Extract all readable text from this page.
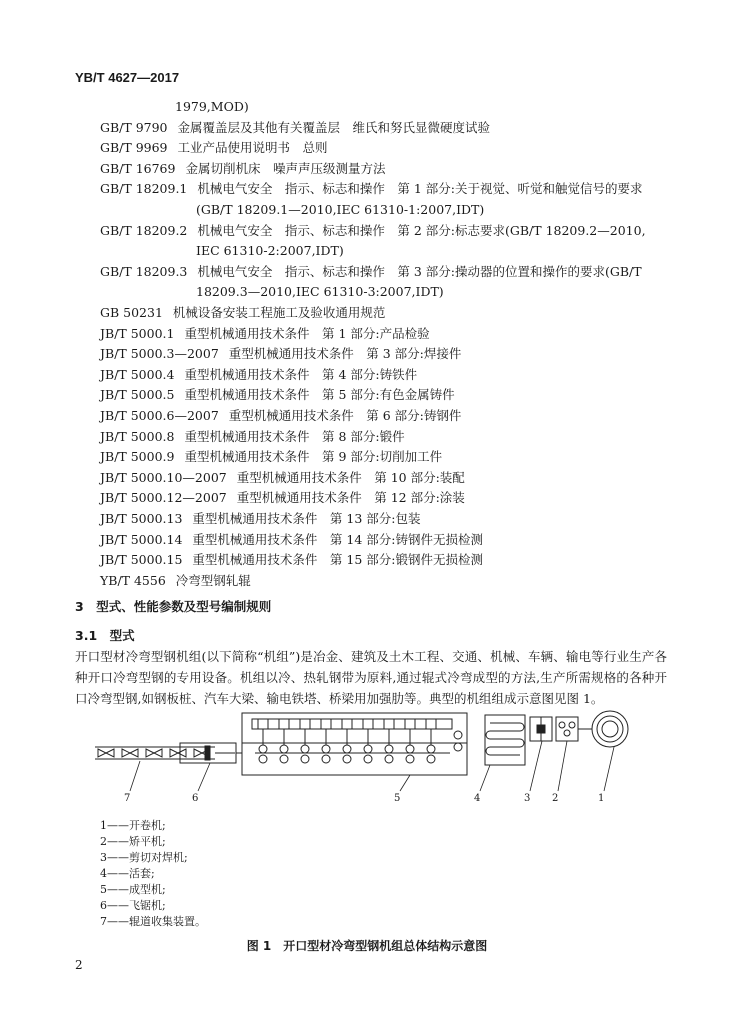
YB/T 4627—2017
1979,MOD)
GB/T 9790 金属覆盖层及其他有关覆盖层　维氏和努氏显微硬度试验
GB/T 9969 工业产品使用说明书　总则
GB/T 16769 金属切削机床　噪声声压级测量方法
GB/T 18209.1 机械电气安全　指示、标志和操作　第 1 部分:关于视觉、听觉和触觉信号的要求
(GB/T 18209.1—2010,IEC 61310-1:2007,IDT)
GB/T 18209.2 机械电气安全　指示、标志和操作　第 2 部分:标志要求(GB/T 18209.2—2010,
IEC 61310-2:2007,IDT)
GB/T 18209.3 机械电气安全　指示、标志和操作　第 3 部分:操动器的位置和操作的要求(GB/T
18209.3—2010,IEC 61310-3:2007,IDT)
GB 50231 机械设备安装工程施工及验收通用规范
JB/T 5000.1 重型机械通用技术条件　第 1 部分:产品检验
JB/T 5000.3—2007 重型机械通用技术条件　第 3 部分:焊接件
JB/T 5000.4 重型机械通用技术条件　第 4 部分:铸铁件
JB/T 5000.5 重型机械通用技术条件　第 5 部分:有色金属铸件
JB/T 5000.6—2007 重型机械通用技术条件　第 6 部分:铸钢件
JB/T 5000.8 重型机械通用技术条件　第 8 部分:锻件
JB/T 5000.9 重型机械通用技术条件　第 9 部分:切削加工件
JB/T 5000.10—2007 重型机械通用技术条件　第 10 部分:装配
JB/T 5000.12—2007 重型机械通用技术条件　第 12 部分:涂装
JB/T 5000.13 重型机械通用技术条件　第 13 部分:包装
JB/T 5000.14 重型机械通用技术条件　第 14 部分:铸钢件无损检测
JB/T 5000.15 重型机械通用技术条件　第 15 部分:锻钢件无损检测
YB/T 4556 冷弯型钢轧辊
3　型式、性能参数及型号编制规则
3.1　型式
开口型材冷弯型钢机组(以下简称“机组”)是冶金、建筑及土木工程、交通、机械、车辆、输电等行业生产各种开口冷弯型钢的专用设备。机组以冷、热轧钢带为原料,通过辊式冷弯成型的方法,生产所需规格的各种开口冷弯型钢,如钢板桩、汽车大梁、输电铁塔、桥梁用加强肋等。典型的机组组成示意图见图 1。
7	6	5	4	3 2	1
1——开卷机;
2——矫平机;
3——剪切对焊机;
4——活套;
5——成型机;
6——飞锯机;
7——辊道收集装置。
图 1　开口型材冷弯型钢机组总体结构示意图
2
